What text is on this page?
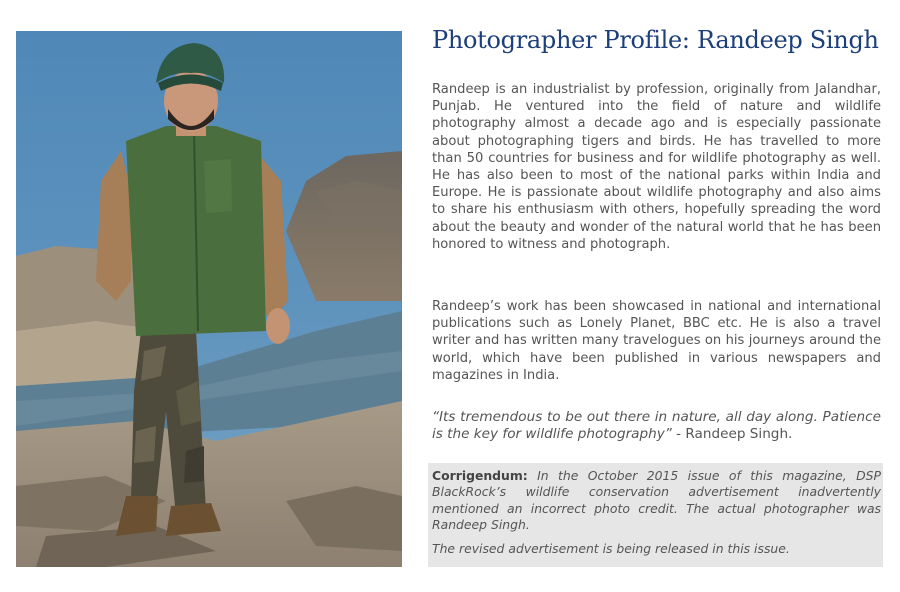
Photographer Profile: Randeep Singh

Randeep is an industrialist by profession, originally from Jalandhar, Punjab. He ventured into the field of nature and wildlife photography almost a decade ago and is especially passionate about photographing tigers and birds. He has travelled to more than 50 countries for business and for wildlife photography as well. He has also been to most of the national parks within India and Europe. He is passionate about wildlife photography and also aims to share his enthusiasm with others, hopefully spreading the word about the beauty and wonder of the natural world that he has been honored to witness and photograph.

Randeep’s work has been showcased in national and international publications such as Lonely Planet, BBC etc. He is also a travel writer and has written many travelogues on his journeys around the world, which have been published in various newspapers and magazines in India.

“Its tremendous to be out there in nature, all day along. Patience is the key for wildlife photography” - Randeep Singh.

Corrigendum: In the October 2015 issue of this magazine, DSP BlackRock’s wildlife conservation advertisement inadvertently mentioned an incorrect photo credit. The actual photographer was Randeep Singh.

The revised advertisement is being released in this issue.
